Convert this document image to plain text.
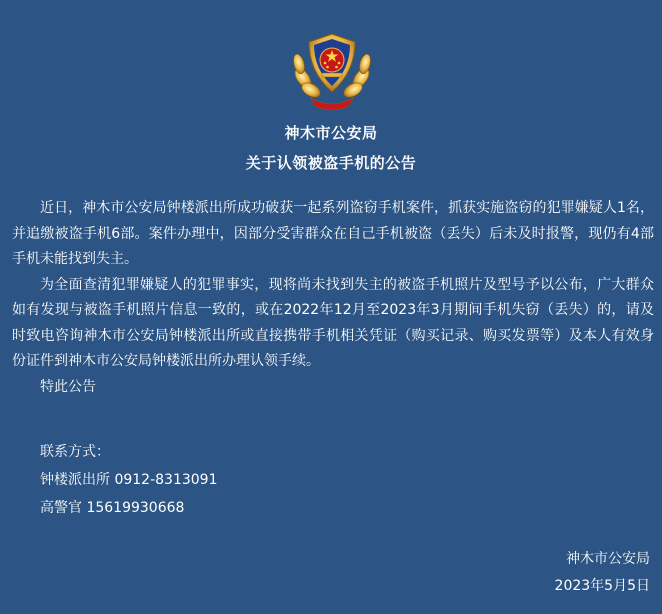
神木市公安局
关于认领被盗手机的公告

近日，神木市公安局钟楼派出所成功破获一起系列盗窃手机案件，抓获实施盗窃的犯罪嫌疑人1名，并追缴被盗手机6部。案件办理中，因部分受害群众在自己手机被盗（丢失）后未及时报警，现仍有4部手机未能找到失主。

为全面查清犯罪嫌疑人的犯罪事实，现将尚未找到失主的被盗手机照片及型号予以公布，广大群众如有发现与被盗手机照片信息一致的，或在2022年12月至2023年3月期间手机失窃（丢失）的，请及时致电咨询神木市公安局钟楼派出所或直接携带手机相关凭证（购买记录、购买发票等）及本人有效身份证件到神木市公安局钟楼派出所办理认领手续。

特此公告
联系方式：
钟楼派出所 0912-8313091
高警官 15619930668
神木市公安局
2023年5月5日
